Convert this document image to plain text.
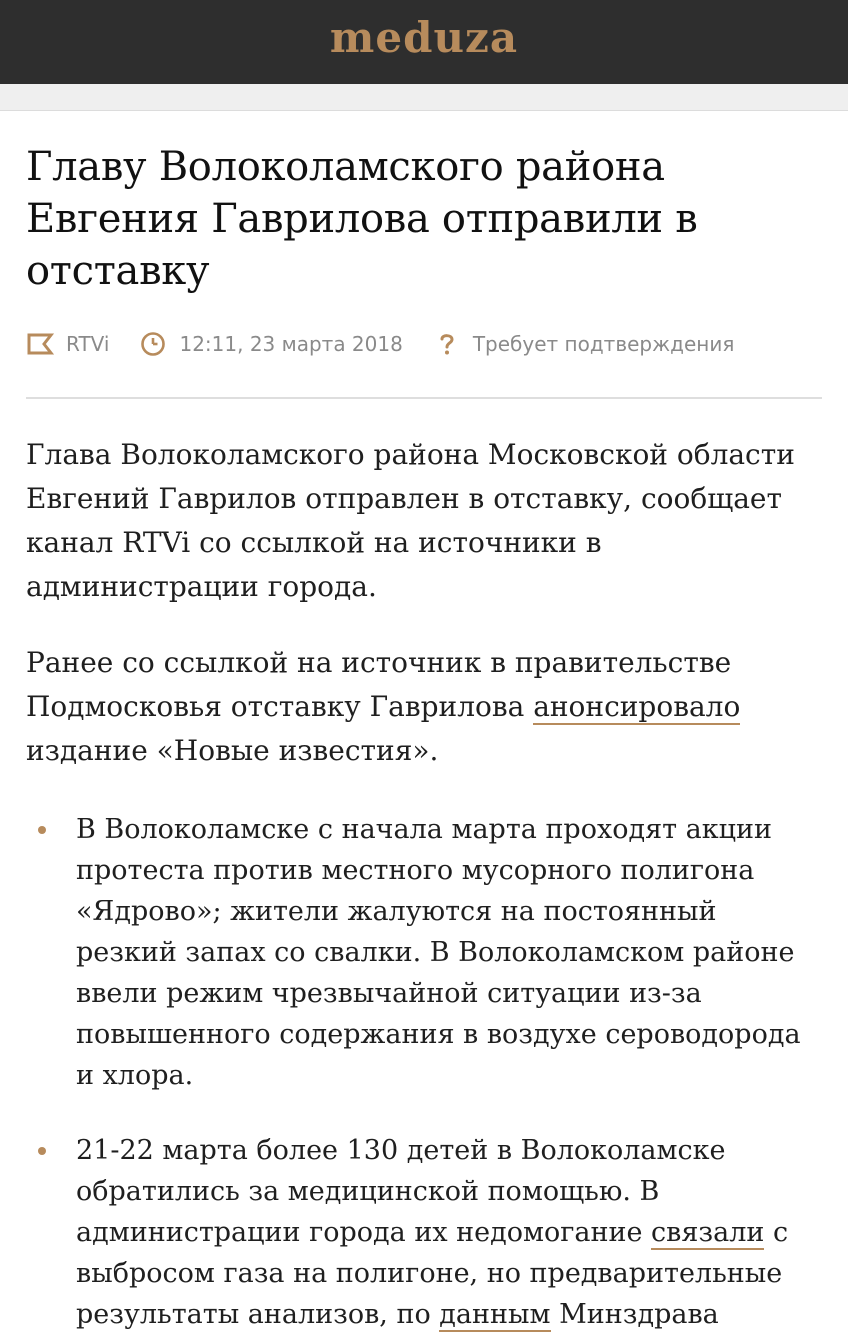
meduza
Главу Волоколамского района Евгения Гаврилова отправили в отставку
RTVi	12:11, 23 марта 2018	Требует подтверждения

Глава Волоколамского района Московской области Евгений Гаврилов отправлен в отставку, сообщает канал RTVi со ссылкой на источники в администрации города.

Ранее со ссылкой на источник в правительстве Подмосковья отставку Гаврилова анонсировало издание «Новые известия».

В Волоколамске с начала марта проходят акции протеста против местного мусорного полигона «Ядрово»; жители жалуются на постоянный резкий запах со свалки. В Волоколамском районе ввели режим чрезвычайной ситуации из-за повышенного содержания в воздухе сероводорода и хлора.
21-22 марта более 130 детей в Волоколамске обратились за медицинской помощью. В администрации города их недомогание связали с выбросом газа на полигоне, но предварительные результаты анализов, по данным Минздрава
